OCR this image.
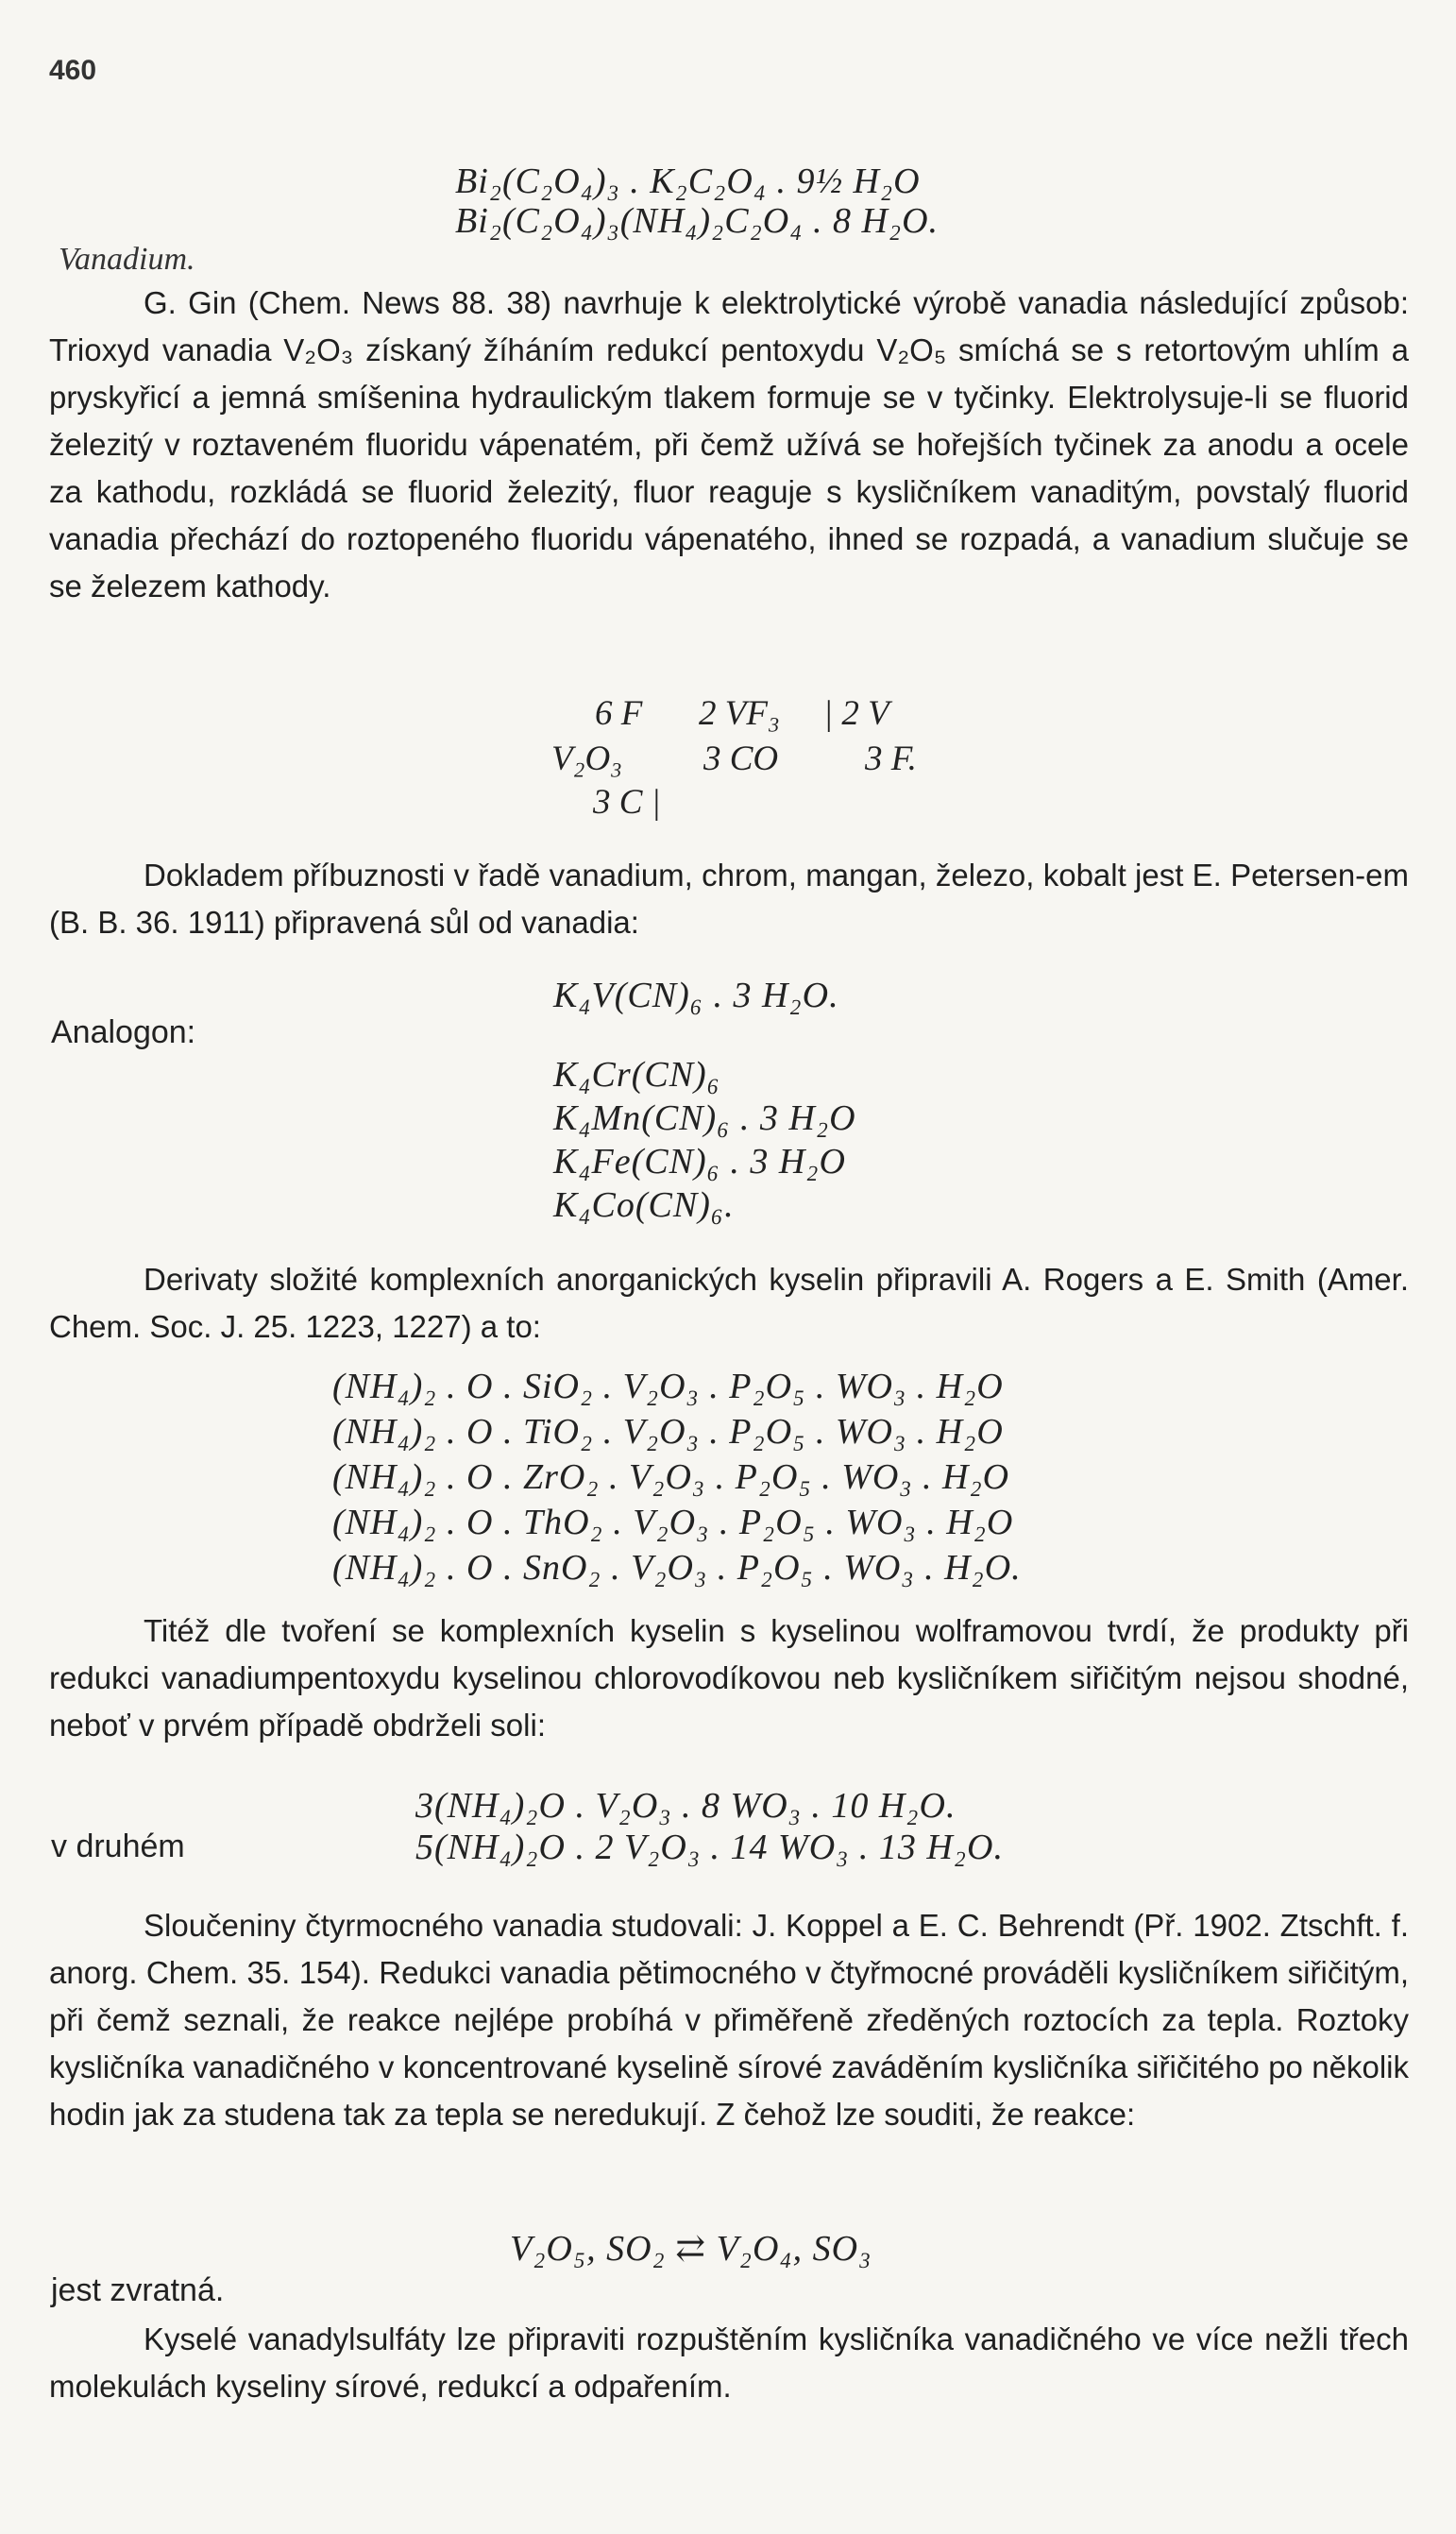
460
Bi₂(C₂O₄)₃ . K₂C₂O₄ . 9½ H₂O
Bi₂(C₂O₄)₃(NH₄)₂C₂O₄ . 8 H₂O.
Vanadium.

G. Gin (Chem. News 88. 38) navrhuje k elektrolytické výrobě vanadia následující způsob: Trioxyd vanadia V₂O₃ získaný žíháním redukcí pentoxydu V₂O₅ smíchá se s retortovým uhlím a pryskyřicí a jemná smíšenina hydraulickým tlakem formuje se v tyčinky. Elektrolysuje-li se fluorid železitý v roztaveném fluoridu vápenatém, při čemž užívá se hořejších tyčinek za anodu a ocele za kathodu, rozkládá se fluorid železitý, fluor reaguje s kysličníkem vanaditým, povstalý fluorid vanadia přechází do roztopeného fluoridu vápenatého, ihned se rozpadá, a vanadium slučuje se se železem kathody.

6 F 2 VF₃ | 2 V
V₂O₃ 3 CO 3 F.
3 C |

Dokladem příbuznosti v řadě vanadium, chrom, mangan, železo, kobalt jest E. Petersen-em (B. B. 36. 1911) připravená sůl od vanadia:

K₄V(CN)₆ . 3 H₂O.
Analogon:
K₄Cr(CN)₆
K₄Mn(CN)₆ . 3 H₂O
K₄Fe(CN)₆ . 3 H₂O
K₄Co(CN)₆.

Derivaty složité komplexních anorganických kyselin připravili A. Rogers a E. Smith (Amer. Chem. Soc. J. 25. 1223, 1227) a to:

(NH₄)₂ . O . SiO₂ . V₂O₃ . P₂O₅ . WO₃ . H₂O
(NH₄)₂ . O . TiO₂ . V₂O₃ . P₂O₅ . WO₃ . H₂O
(NH₄)₂ . O . ZrO₂ . V₂O₃ . P₂O₅ . WO₃ . H₂O
(NH₄)₂ . O . ThO₂ . V₂O₃ . P₂O₅ . WO₃ . H₂O
(NH₄)₂ . O . SnO₂ . V₂O₃ . P₂O₅ . WO₃ . H₂O.

Titéž dle tvoření se komplexních kyselin s kyselinou wolframovou tvrdí, že produkty při redukci vanadiumpentoxydu kyselinou chlorovodíkovou neb kysličníkem siřičitým nejsou shodné, neboť v prvém případě obdrželi soli:

3(NH₄)₂O . V₂O₃ . 8 WO₃ . 10 H₂O.
v druhém	5(NH₄)₂O . 2 V₂O₃ . 14 WO₃ . 13 H₂O.

Sloučeniny čtyrmocného vanadia studovali: J. Koppel a E. C. Behrendt (Př. 1902. Ztschft. f. anorg. Chem. 35. 154). Redukci vanadia pětimocného v čtyřmocné prováděli kysličníkem siřičitým, při čemž seznali, že reakce nejlépe probíhá v přiměřeně zředěných roztocích za tepla. Roztoky kysličníka vanadičného v koncentrované kyselině sírové zaváděním kysličníka siřičitého po několik hodin jak za studena tak za tepla se neredukují. Z čehož lze souditi, že reakce:

V₂O₅, SO₂ ⇄ V₂O₄, SO₃
jest zvratná.

Kyselé vanadylsulfáty lze připraviti rozpuštěním kysličníka vanadičného ve více nežli třech molekulách kyseliny sírové, redukcí a odpařením.
